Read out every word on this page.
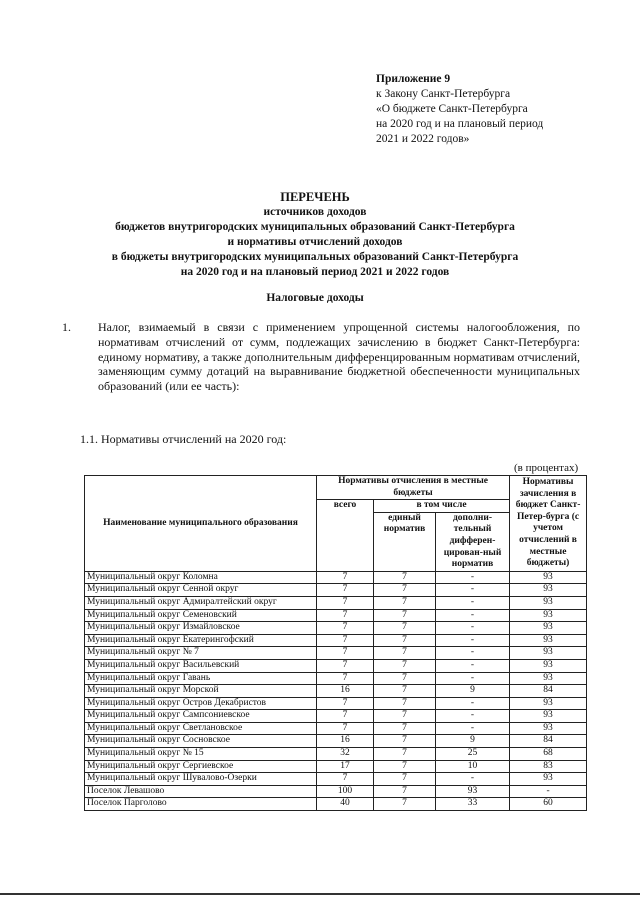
Приложение 9
к Закону Санкт-Петербурга
«О бюджете Санкт-Петербурга
на 2020 год и на плановый период
2021 и 2022 годов»
ПЕРЕЧЕНЬ
источников доходов
бюджетов внутригородских муниципальных образований Санкт-Петербурга
и нормативы отчислений доходов
в бюджеты внутригородских муниципальных образований Санкт-Петербурга
на 2020 год и на плановый период 2021 и 2022 годов
Налоговые доходы
1.	Налог, взимаемый в связи с применением упрощенной системы налогообложения, по нормативам отчислений от сумм, подлежащих зачислению в бюджет Санкт-Петербурга: единому нормативу, а также дополнительным дифференцированным нормативам отчислений, заменяющим сумму дотаций на выравнивание бюджетной обеспеченности муниципальных образований (или ее часть):
1.1. Нормативы отчислений на 2020 год:
(в процентах)
Наименование муниципального образования	Нормативы отчисления в местные бюджеты			Нормативы зачисления в бюджет Санкт-Петер-бурга (с учетом отчислений в местные бюджеты)
	всего	в том числе		
		единый норматив	дополни-тельный дифферен-цирован-ный норматив	
Муниципальный округ Коломна	7	7	-	93
Муниципальный округ Сенной округ	7	7	-	93
Муниципальный округ Адмиралтейский округ	7	7	-	93
Муниципальный округ Семеновский	7	7	-	93
Муниципальный округ Измайловское	7	7	-	93
Муниципальный округ Екатерингофский	7	7	-	93
Муниципальный округ № 7	7	7	-	93
Муниципальный округ Васильевский	7	7	-	93
Муниципальный округ Гавань	7	7	-	93
Муниципальный округ Морской	16	7	9	84
Муниципальный округ Остров Декабристов	7	7	-	93
Муниципальный округ Сампсониевское	7	7	-	93
Муниципальный округ Светлановское	7	7	-	93
Муниципальный округ Сосновское	16	7	9	84
Муниципальный округ № 15	32	7	25	68
Муниципальный округ Сергиевское	17	7	10	83
Муниципальный округ Шувалово-Озерки	7	7	-	93
Поселок Левашово	100	7	93	-
Поселок Парголово	40	7	33	60
